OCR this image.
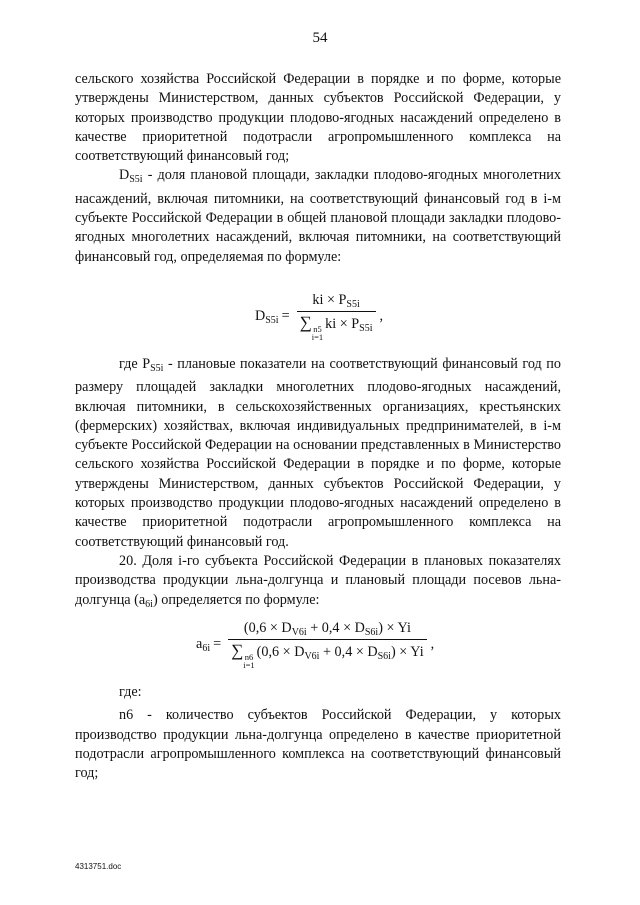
54

сельского хозяйства Российской Федерации в порядке и по форме, которые утверждены Министерством, данных субъектов Российской Федерации, у которых производство продукции плодово-ягодных насаждений определено в качестве приоритетной подотрасли агропромышленного комплекса на соответствующий финансовый год;

$D_{S5i}$ - доля плановой площади, закладки плодово-ягодных многолетних насаждений, включая питомники, на соответствующий финансовый год в i-м субъекте Российской Федерации в общей плановой площади закладки плодово-ягодных многолетних насаждений, включая питомники, на соответствующий финансовый год, определяемая по формуле:

$D_{S5i}$ = ki × $P_{S5i}$
∑ n5
i=1
ki × $P_{S5i}$ ,

где $P_{S5i}$ - плановые показатели на соответствующий финансовый год по размеру площадей закладки многолетних плодово-ягодных насаждений, включая питомники, в сельскохозяйственных организациях, крестьянских (фермерских) хозяйствах, включая индивидуальных предпринимателей, в i-м субъекте Российской Федерации на основании представленных в Министерство сельского хозяйства Российской Федерации в порядке и по форме, которые утверждены Министерством, данных субъектов Российской Федерации, у которых производство продукции плодово-ягодных насаждений определено в качестве приоритетной подотрасли агропромышленного комплекса на соответствующий финансовый год.

20. Доля i-го субъекта Российской Федерации в плановых показателях производства продукции льна-долгунца и плановый площади посевов льна-долгунца $(a_{6i})$ определяется по формуле:

$a_{6i} = (0,6 \times D_{V6i} + 0,4 \times D_{S6i}) \times Yi$
∑ n6
i=1
$(0,6 \times D_{V6i} + 0,4 \times D_{S6i}) \times Yi$ ,

где:

n6 - количество субъектов Российской Федерации, у которых производство продукции льна-долгунца определено в качестве приоритетной подотрасли агропромышленного комплекса на соответствующий финансовый год;

4313751.doc
